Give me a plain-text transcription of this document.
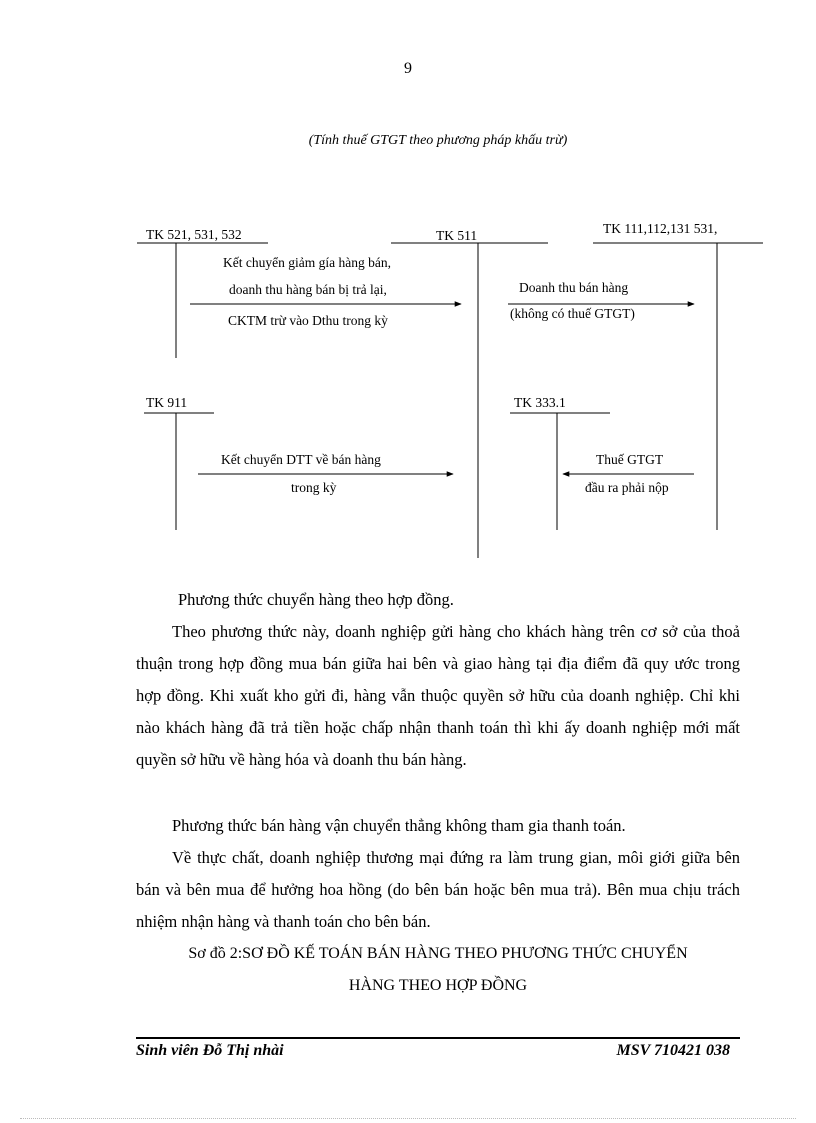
9
(Tính thuế GTGT theo phương pháp khấu trừ)
TK 521, 531, 532	TK 511	TK 111,112,131 531,
TK 911	TK 333.1
Kết chuyển giảm gía hàng bán,
doanh thu hàng bán bị trả lại,
CKTM trừ vào Dthu trong kỳ
Doanh thu bán hàng
(không có thuế GTGT)
Kết chuyển DTT về bán hàng
trong kỳ
Thuế GTGT
đầu ra phải nộp

Phương thức chuyển hàng theo hợp đồng.

Theo phương thức này, doanh nghiệp gửi hàng cho khách hàng trên cơ sở của thoả thuận trong hợp đồng mua bán giữa hai bên và giao hàng tại địa điểm đã quy ước trong hợp đồng. Khi xuất kho gửi đi, hàng vẫn thuộc quyền sở hữu của doanh nghiệp. Chỉ khi nào khách hàng đã trả tiền hoặc chấp nhận thanh toán thì khi ấy doanh nghiệp mới mất quyền sở hữu về hàng hóa và doanh thu bán hàng.

Phương thức bán hàng vận chuyển thẳng không tham gia thanh toán.

Về thực chất, doanh nghiệp thương mại đứng ra làm trung gian, môi giới giữa bên bán và bên mua để hưởng hoa hồng (do bên bán hoặc bên mua trả). Bên mua chịu trách nhiệm nhận hàng và thanh toán cho bên bán.

Sơ đồ 2:SƠ ĐỒ KẾ TOÁN BÁN HÀNG THEO PHƯƠNG THỨC CHUYỂN
HÀNG THEO HỢP ĐỒNG
Sinh viên Đỗ Thị nhài	MSV 710421 038
